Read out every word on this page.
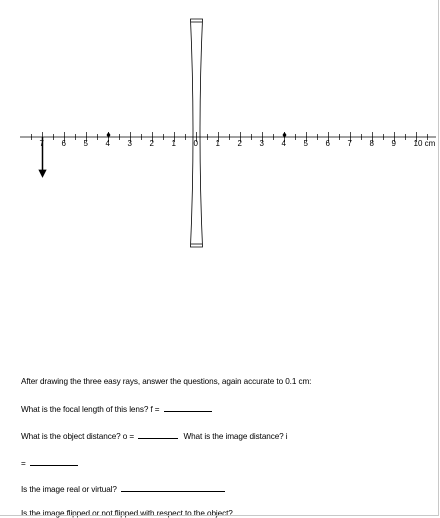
7 6 5 4 3 2 1 0 1 2 3 4 5 6 7 8 9 10 cm
After drawing the three easy rays, answer the questions, again accurate to 0.1 cm:
What is the focal length of this lens? f =
What is the object distance? o =	What is the image distance? i
=
Is the image real or virtual?
Is the image flipped or not flipped with respect to the object?
